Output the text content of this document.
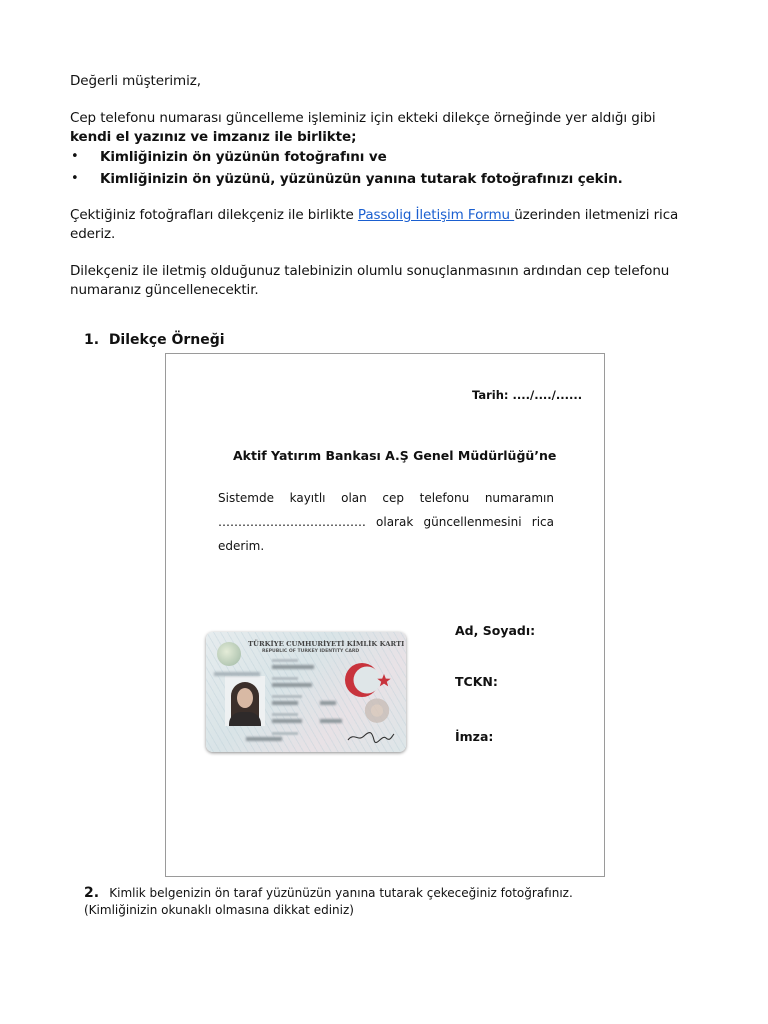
Değerli müşterimiz,
Cep telefonu numarası güncelleme işleminiz için ekteki dilekçe örneğinde yer aldığı gibi
kendi el yazınız ve imzanız ile birlikte;
• Kimliğinizin ön yüzünün fotoğrafını ve
• Kimliğinizin ön yüzünü, yüzünüzün yanına tutarak fotoğrafınızı çekin.
Çektiğiniz fotoğrafları dilekçeniz ile birlikte Passolig İletişim Formu üzerinden iletmenizi rica
ederiz.
Dilekçeniz ile iletmiş olduğunuz talebinizin olumlu sonuçlanmasının ardından cep telefonu
numaranız güncellenecektir.
1. Dilekçe Örneği
Tarih: ..../..../......
Aktif Yatırım Bankası A.Ş Genel Müdürlüğü’ne
Sistemde kayıtlı olan cep telefonu numaramın
………………………………. olarak güncellenmesini rica
ederim.
Ad, Soyadı:
TCKN:
İmza:
TÜRKİYE CUMHURİYETİ KİMLİK KARTI
REPUBLIC OF TURKEY IDENTITY CARD
2. Kimlik belgenizin ön taraf yüzünüzün yanına tutarak çekeceğiniz fotoğrafınız.
(Kimliğinizin okunaklı olmasına dikkat ediniz)
